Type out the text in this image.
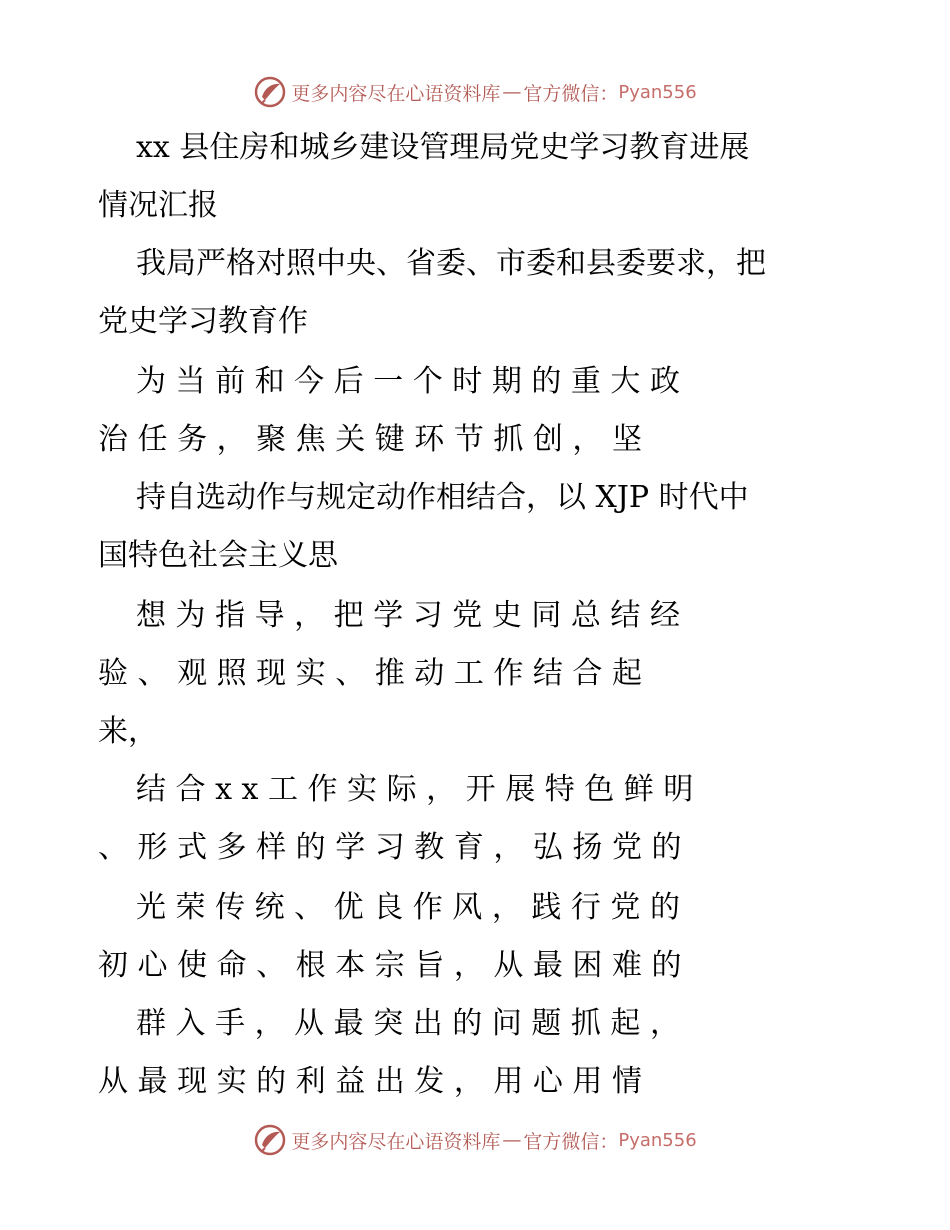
更多内容尽在心语资料库 — 官方微信： Pyan556
xx 县住房和城乡建设管理局党史学习教育进展
情况汇报
我局严格对照中央、省委、市委和县委要求，把
党史学习教育作
为 当 前 和 今 后 一 个 时 期 的 重 大 政
治 任 务 ， 聚 焦 关 键 环 节 抓 创 ， 坚
持自选动作与规定动作相结合，以 XJP 时代中
国特色社会主义思
想 为 指 导 ， 把 学 习 党 史 同 总 结 经
验 、 观 照 现 实 、 推 动 工 作 结 合 起
来，
结 合 x x 工 作 实 际 ， 开 展 特 色 鲜 明
、 形 式 多 样 的 学 习 教 育 ， 弘 扬 党 的
光 荣 传 统 、 优 良 作 风 ， 践 行 党 的
初 心 使 命 、 根 本 宗 旨 ， 从 最 困 难 的
群 入 手 ， 从 最 突 出 的 问 题 抓 起 ，
从 最 现 实 的 利 益 出 发 ， 用 心 用 情
更多内容尽在心语资料库 — 官方微信： Pyan556
